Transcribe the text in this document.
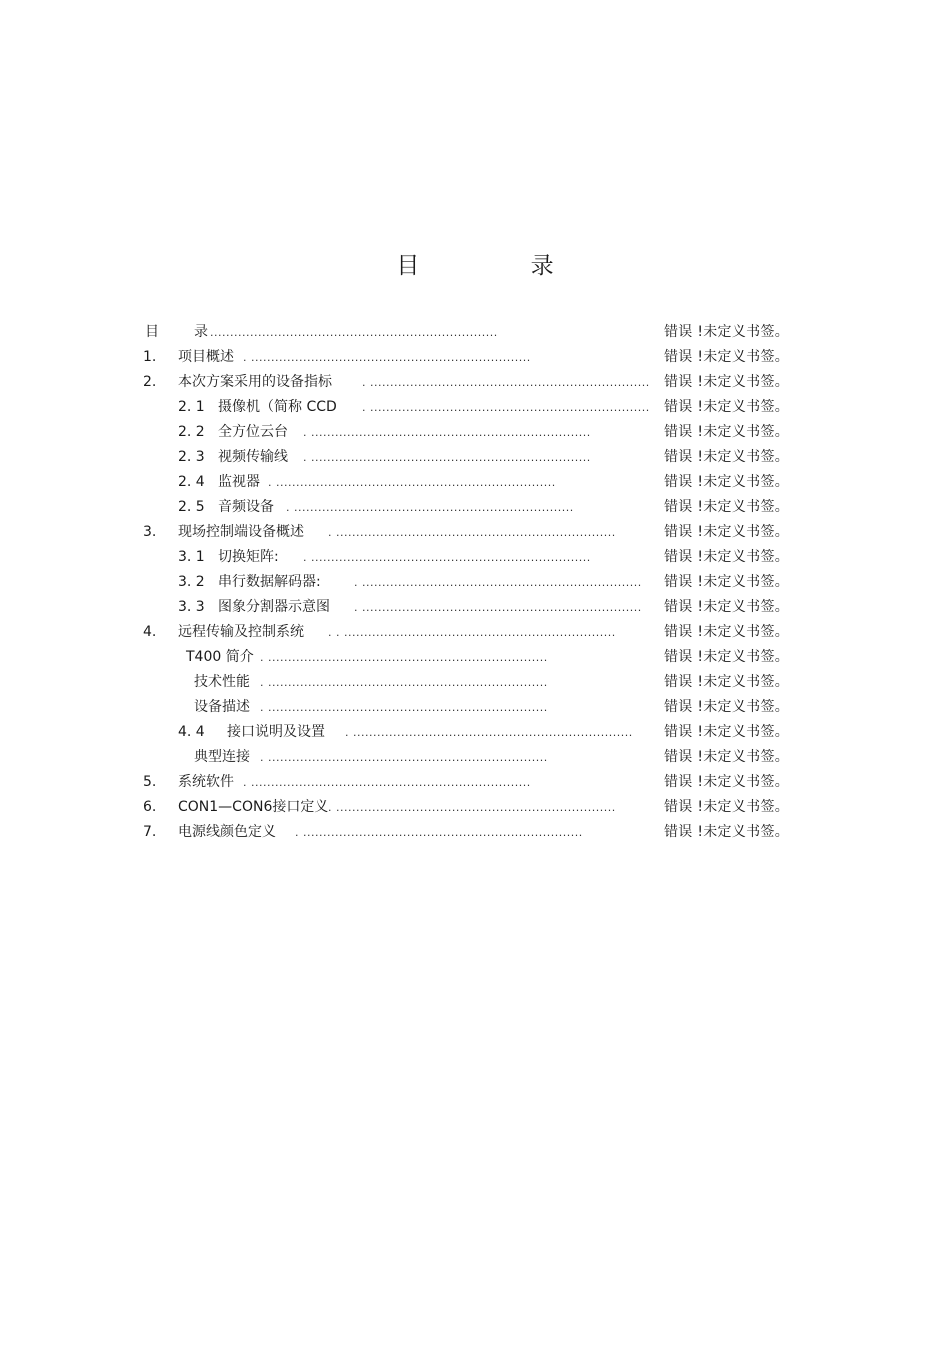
目 录
目	录 ........................................................................	错误 !未定义书签。
1. 项目概述 . ......................................................................	错误 !未定义书签。
2. 本次方案采用的设备指标	. ...................................................................... 错误 !未定义书签。
2. 1 摄像机（简称 CCD . ...................................................................... 错误 !未定义书签。
2. 2 全方位云台 . ......................................................................	错误 !未定义书签。
2. 3 视频传输线 . ......................................................................	错误 !未定义书签。
2. 4 监视器 . ......................................................................	错误 !未定义书签。
2. 5 音频设备 . ......................................................................	错误 !未定义书签。
3. 现场控制端设备概述 . ......................................................................	错误 !未定义书签。
3. 1 切换矩阵: . ......................................................................	错误 !未定义书签。
3. 2 串行数据解码器:	. ...................................................................... 错误 !未定义书签。
3. 3 图象分割器示意图 . ...................................................................... 错误 !未定义书签。
4. 远程传输及控制系统 . . ....................................................................	错误 !未定义书签。
T400 简介 . ......................................................................	错误 !未定义书签。
技术性能 . ......................................................................	错误 !未定义书签。
设备描述 . ......................................................................	错误 !未定义书签。
4. 4 接口说明及设置 . ...................................................................... 错误 !未定义书签。
典型连接 . ......................................................................	错误 !未定义书签。
5. 系统软件 . ......................................................................	错误 !未定义书签。
6. CON1—CON6接口定义 . ......................................................................	错误 !未定义书签。
7. 电源线颜色定义 . ......................................................................	错误 !未定义书签。
